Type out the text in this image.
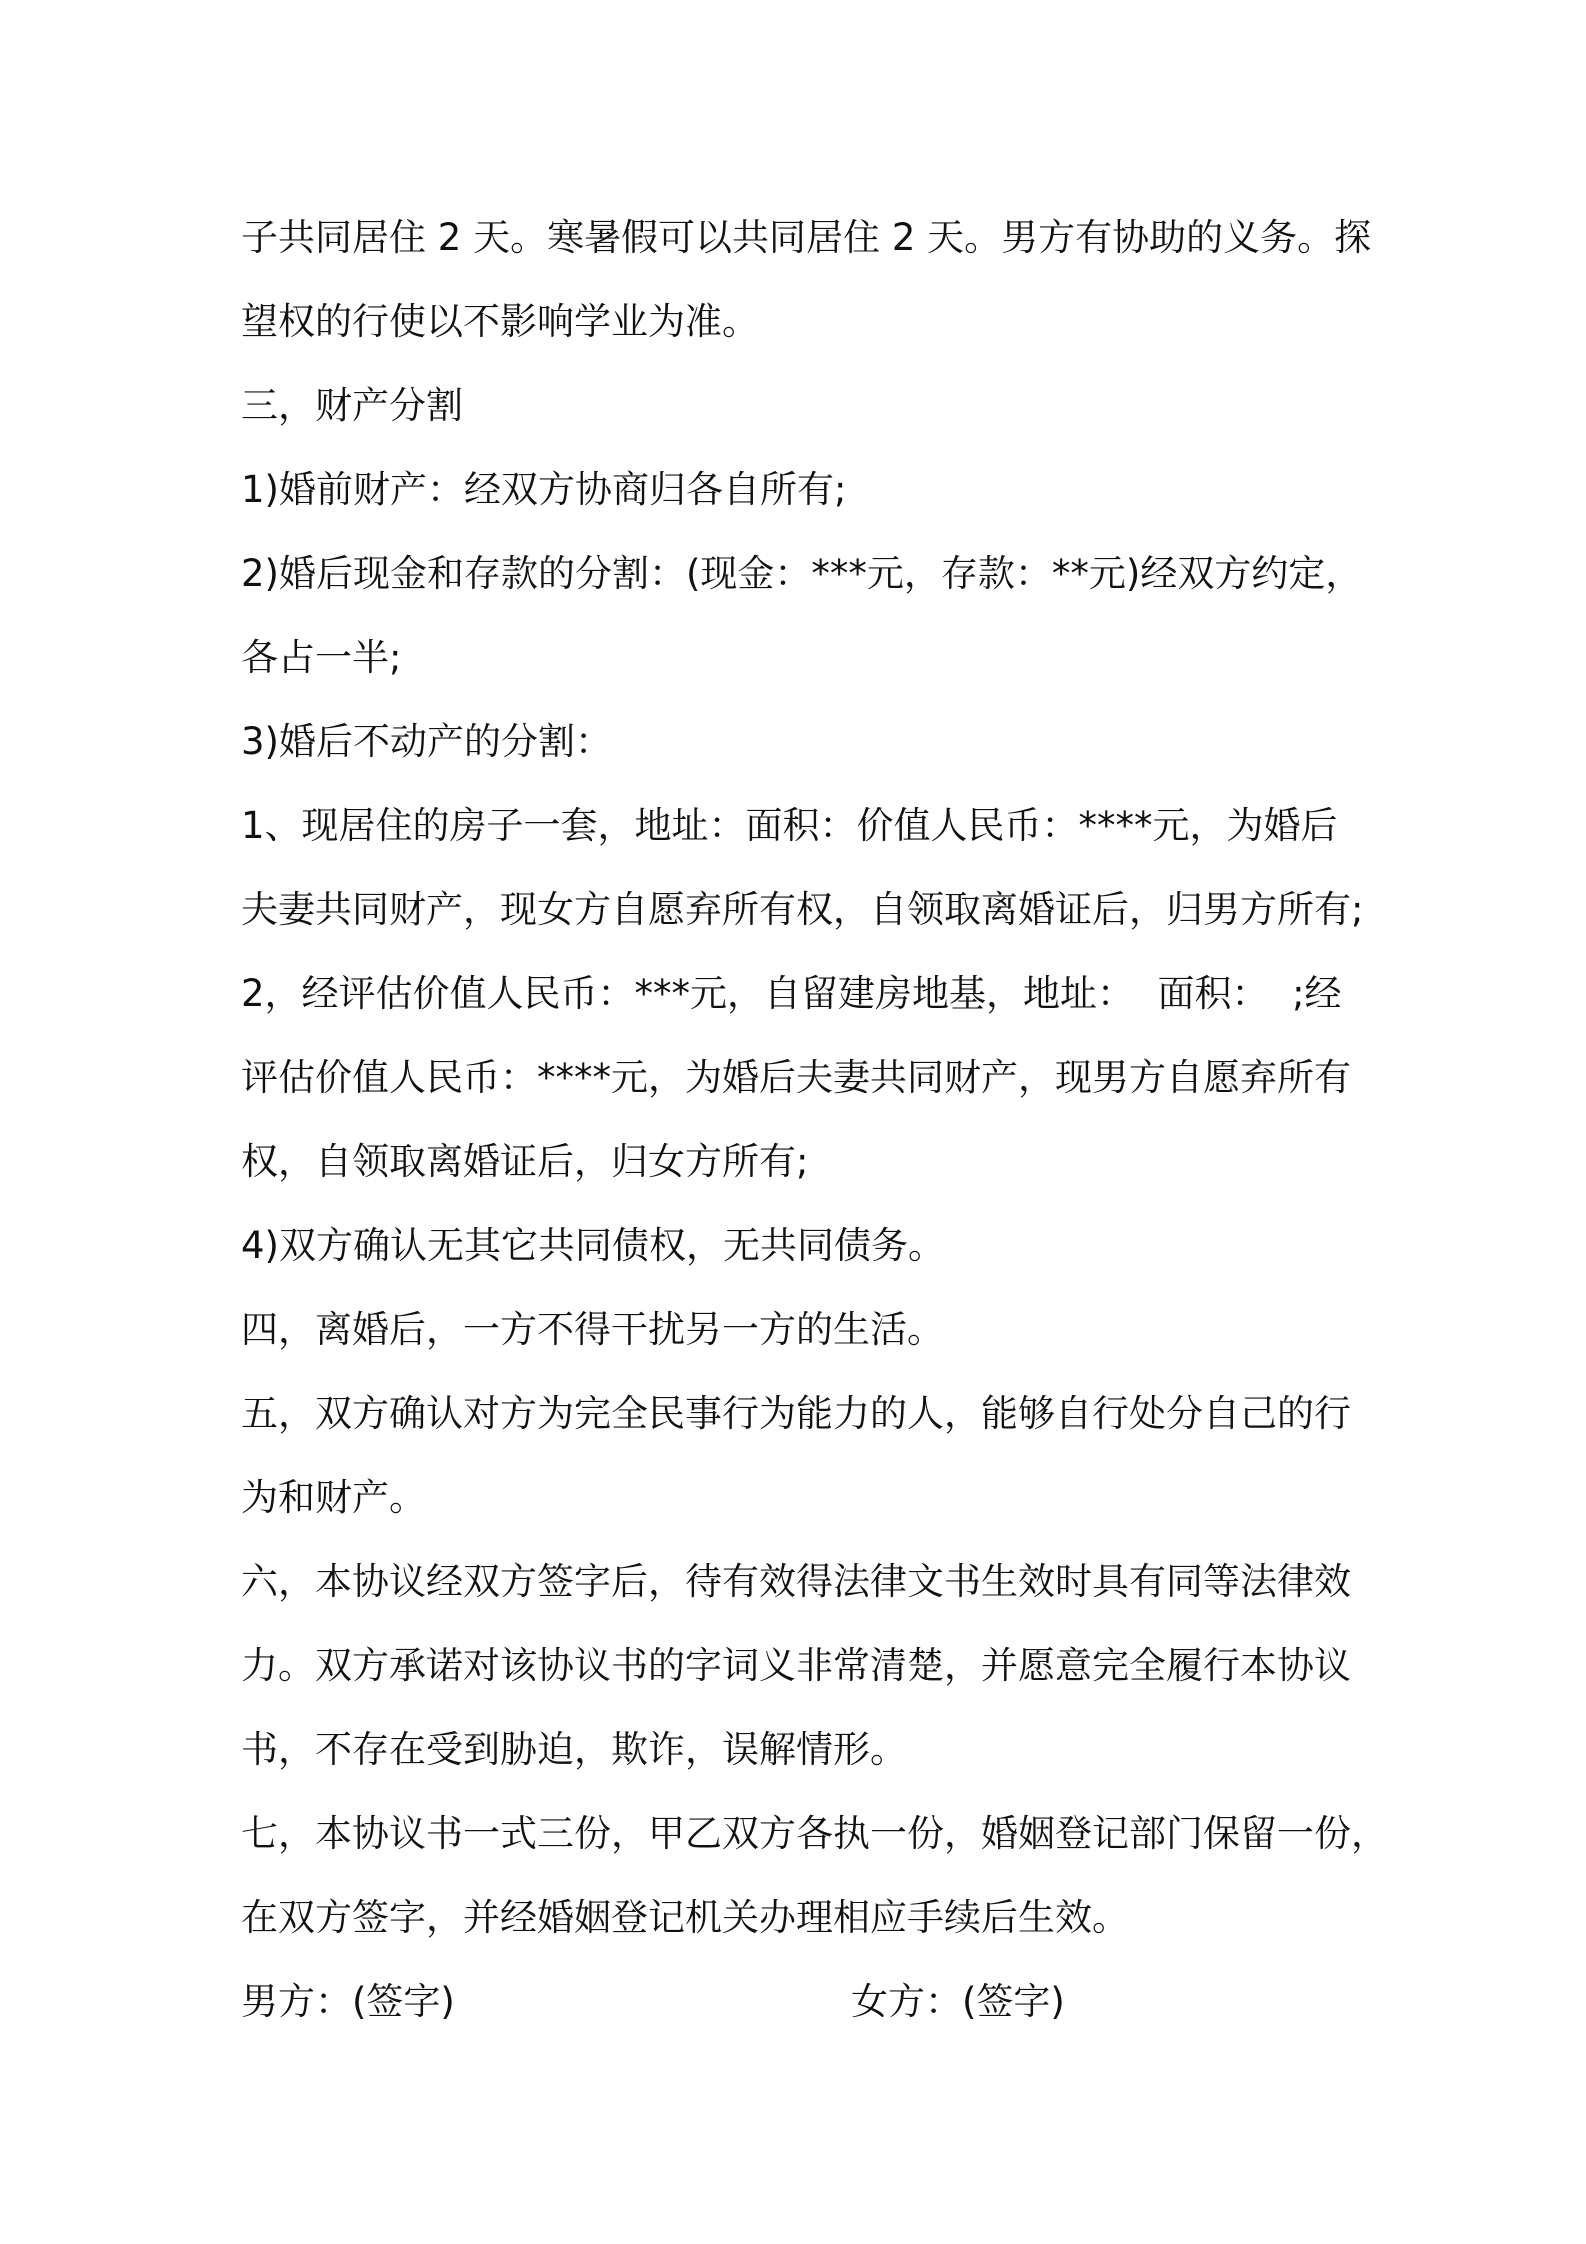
子共同居住 2 天。寒暑假可以共同居住 2 天。男方有协助的义务。探
望权的行使以不影响学业为准。
三，财产分割
1)婚前财产：经双方协商归各自所有;
2)婚后现金和存款的分割：(现金：***元，存款：**元)经双方约定，
各占一半;
3)婚后不动产的分割：
1、现居住的房子一套，地址：面积：价值人民币：****元，为婚后
夫妻共同财产，现女方自愿弃所有权，自领取离婚证后，归男方所有;
2，经评估价值人民币：***元，自留建房地基，地址：  面积：  ;经
评估价值人民币：****元，为婚后夫妻共同财产，现男方自愿弃所有
权，自领取离婚证后，归女方所有;
4)双方确认无其它共同债权，无共同债务。
四，离婚后，一方不得干扰另一方的生活。
五，双方确认对方为完全民事行为能力的人，能够自行处分自己的行
为和财产。
六，本协议经双方签字后，待有效得法律文书生效时具有同等法律效
力。双方承诺对该协议书的字词义非常清楚，并愿意完全履行本协议
书，不存在受到胁迫，欺诈，误解情形。
七，本协议书一式三份，甲乙双方各执一份，婚姻登记部门保留一份，
在双方签字，并经婚姻登记机关办理相应手续后生效。
男方：(签字)	女方：(签字)
